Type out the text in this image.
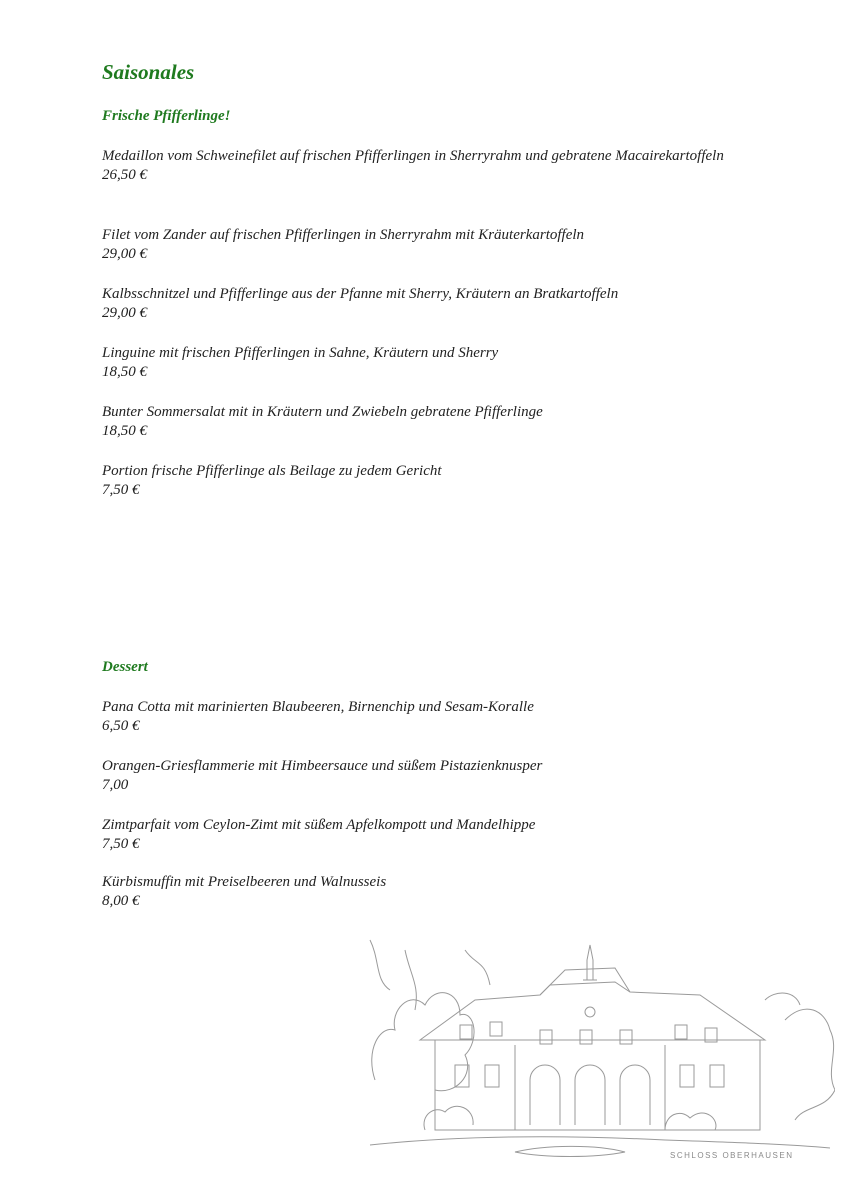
Saisonales
Frische Pfifferlinge!
Medaillon vom Schweinefilet auf frischen Pfifferlingen in Sherryrahm und gebratene Macairekartoffeln
26,50 €
Filet vom Zander auf frischen Pfifferlingen in Sherryrahm mit Kräuterkartoffeln
29,00 €
Kalbsschnitzel und Pfifferlinge aus der Pfanne mit Sherry, Kräutern an Bratkartoffeln
29,00 €
Linguine mit frischen Pfifferlingen in Sahne, Kräutern und Sherry
18,50 €
Bunter Sommersalat mit in Kräutern und Zwiebeln gebratene Pfifferlinge
18,50 €
Portion frische Pfifferlinge als Beilage zu jedem Gericht
7,50 €
Dessert
Pana Cotta mit marinierten Blaubeeren, Birnenchip und Sesam-Koralle
6,50 €
Orangen-Griesflammerie mit Himbeersauce und süßem Pistazienknusper
7,00
Zimtparfait vom Ceylon-Zimt mit süßem Apfelkompott und Mandelhippe
7,50 €
Kürbismuffin mit Preiselbeeren und Walnusseis
8,00 €
SCHLOSS OBERHAUSEN
